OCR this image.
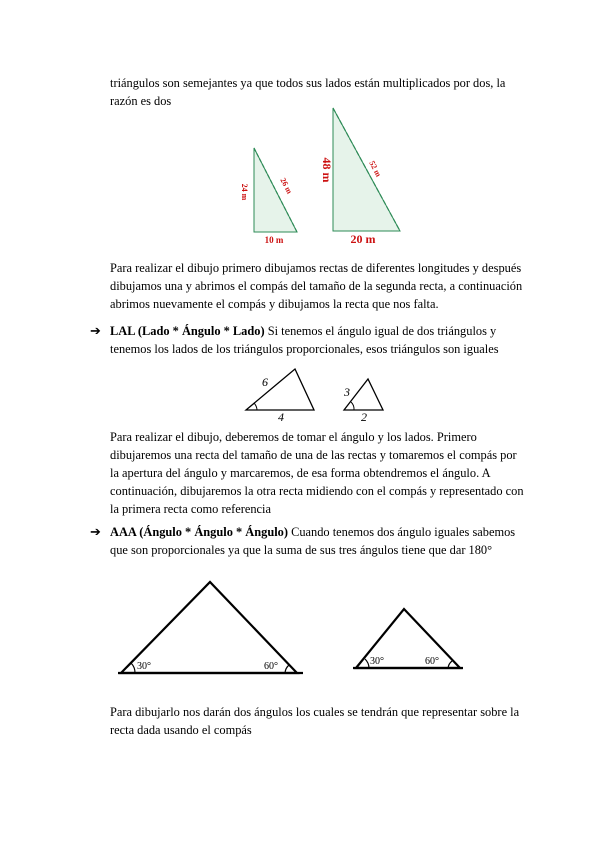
triángulos son semejantes ya que todos sus lados están multiplicados por dos, la razón es dos
24 m	26 m
10 m
48 m	52 m
20 m
Para realizar el dibujo primero dibujamos rectas de diferentes longitudes y después dibujamos una y abrimos el compás del tamaño de la segunda recta, a continuación abrimos nuevamente el compás y dibujamos la recta que nos falta.
➔ LAL (Lado * Ángulo * Lado) Si tenemos el ángulo igual de dos triángulos y tenemos los lados de los triángulos proporcionales, esos triángulos son iguales
6
4
3
2
Para realizar el dibujo, deberemos de tomar el ángulo y los lados. Primero dibujaremos una recta del tamaño de una de las rectas y tomaremos el compás por la apertura del ángulo y marcaremos, de esa forma obtendremos el ángulo. A continuación, dibujaremos la otra recta midiendo con el compás y representado con la primera recta como referencia
➔ AAA (Ángulo * Ángulo * Ángulo) Cuando tenemos dos ángulo iguales sabemos que son proporcionales ya que la suma de sus tres ángulos tiene que dar 180°
30°	60°	30°	60°
Para dibujarlo nos darán dos ángulos los cuales se tendrán que representar sobre la recta dada usando el compás
